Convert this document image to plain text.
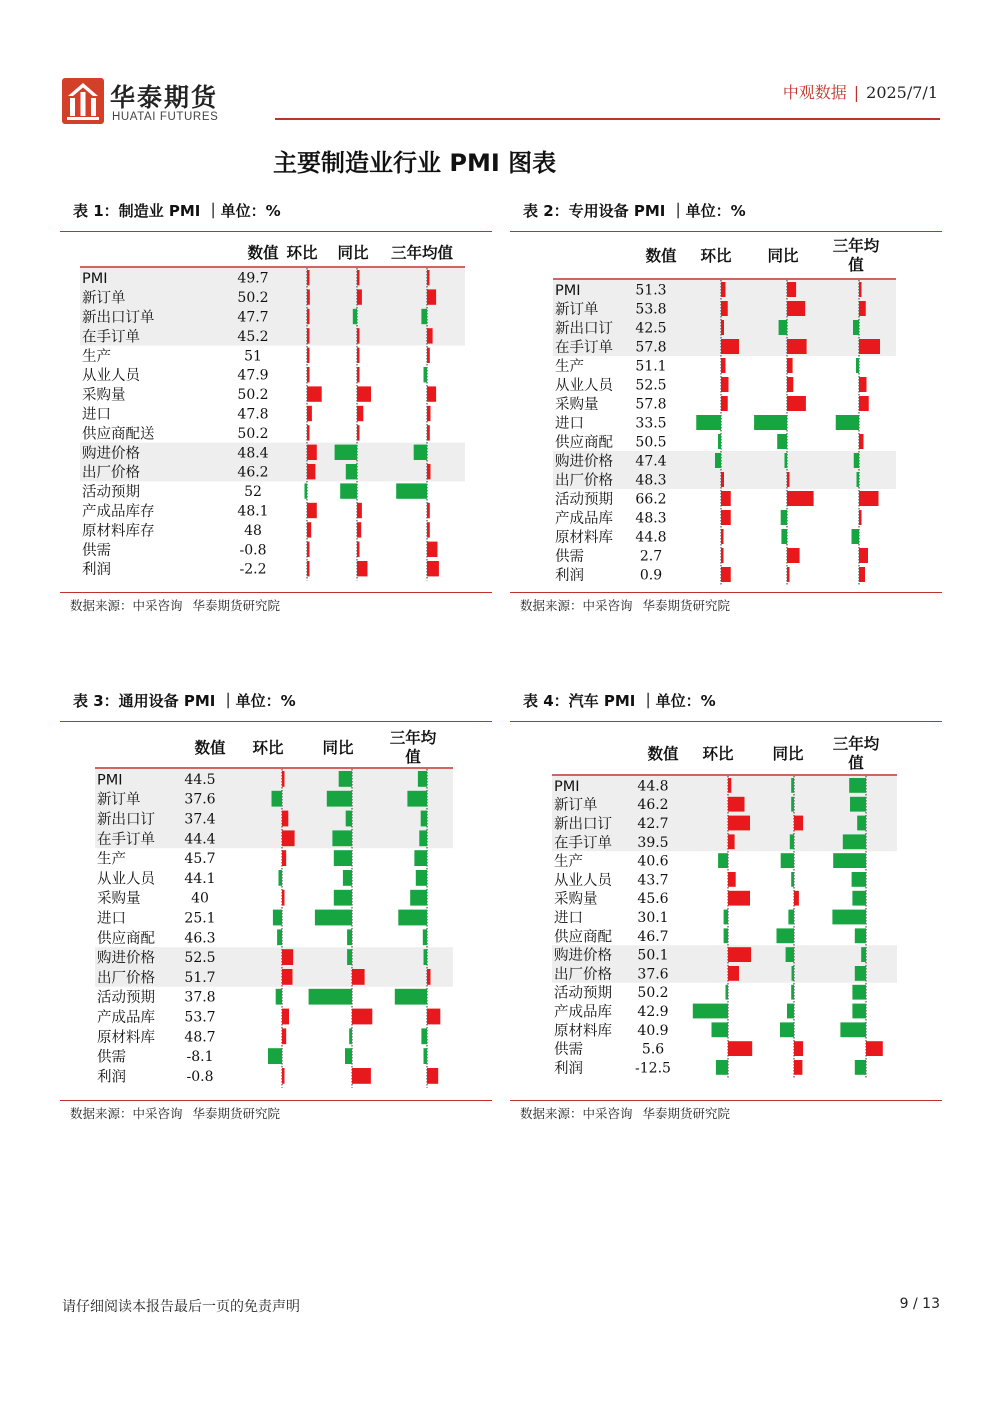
华泰期货
HUATAI FUTURES
中观数据 | 2025/7/1
主要制造业行业 PMI 图表
表 1：制造业 PMI ｜单位：%
数值 环比 同比 三年均值
PMI	49.7
新订单	50.2
新出口订单	47.7
在手订单	45.2
生产	51
从业人员	47.9
采购量	50.2
进口	47.8
供应商配送	50.2
购进价格	48.4
出厂价格	46.2
活动预期	52
产成品库存	48.1
原材料库存	48
供需	-0.8
利润	-2.2
数据来源：中采咨询 华泰期货研究院
表 2：专用设备 PMI ｜单位：%
数值 环比 同比
三年均值
PMI	51.3
新订单	53.8
新出口订 42.5
在手订单 57.8
生产	51.1
从业人员 52.5
采购量	57.8
进口	33.5
供应商配 50.5
购进价格 47.4
出厂价格 48.3
活动预期 66.2
产成品库 48.3
原材料库 44.8
供需	2.7
利润	0.9
数据来源：中采咨询 华泰期货研究院
表 3：通用设备 PMI ｜单位：%
数值 环比	同比
三年均值
PMI	44.5
新订单	37.6
新出口订 37.4
在手订单 44.4
生产	45.7
从业人员 44.1
采购量	40
进口	25.1
供应商配 46.3
购进价格 52.5
出厂价格 51.7
活动预期 37.8
产成品库 53.7
原材料库 48.7
供需	-8.1
利润	-0.8
数据来源：中采咨询 华泰期货研究院
表 4：汽车 PMI ｜单位：%
数值 环比	同比
三年均值
PMI	44.8
新订单	46.2
新出口订 42.7
在手订单 39.5
生产	40.6
从业人员 43.7
采购量	45.6
进口	30.1
供应商配 46.7
购进价格 50.1
出厂价格 37.6
活动预期 50.2
产成品库 42.9
原材料库 40.9
供需	5.6
利润	-12.5
数据来源：中采咨询 华泰期货研究院
请仔细阅读本报告最后一页的免责声明	9 / 13
